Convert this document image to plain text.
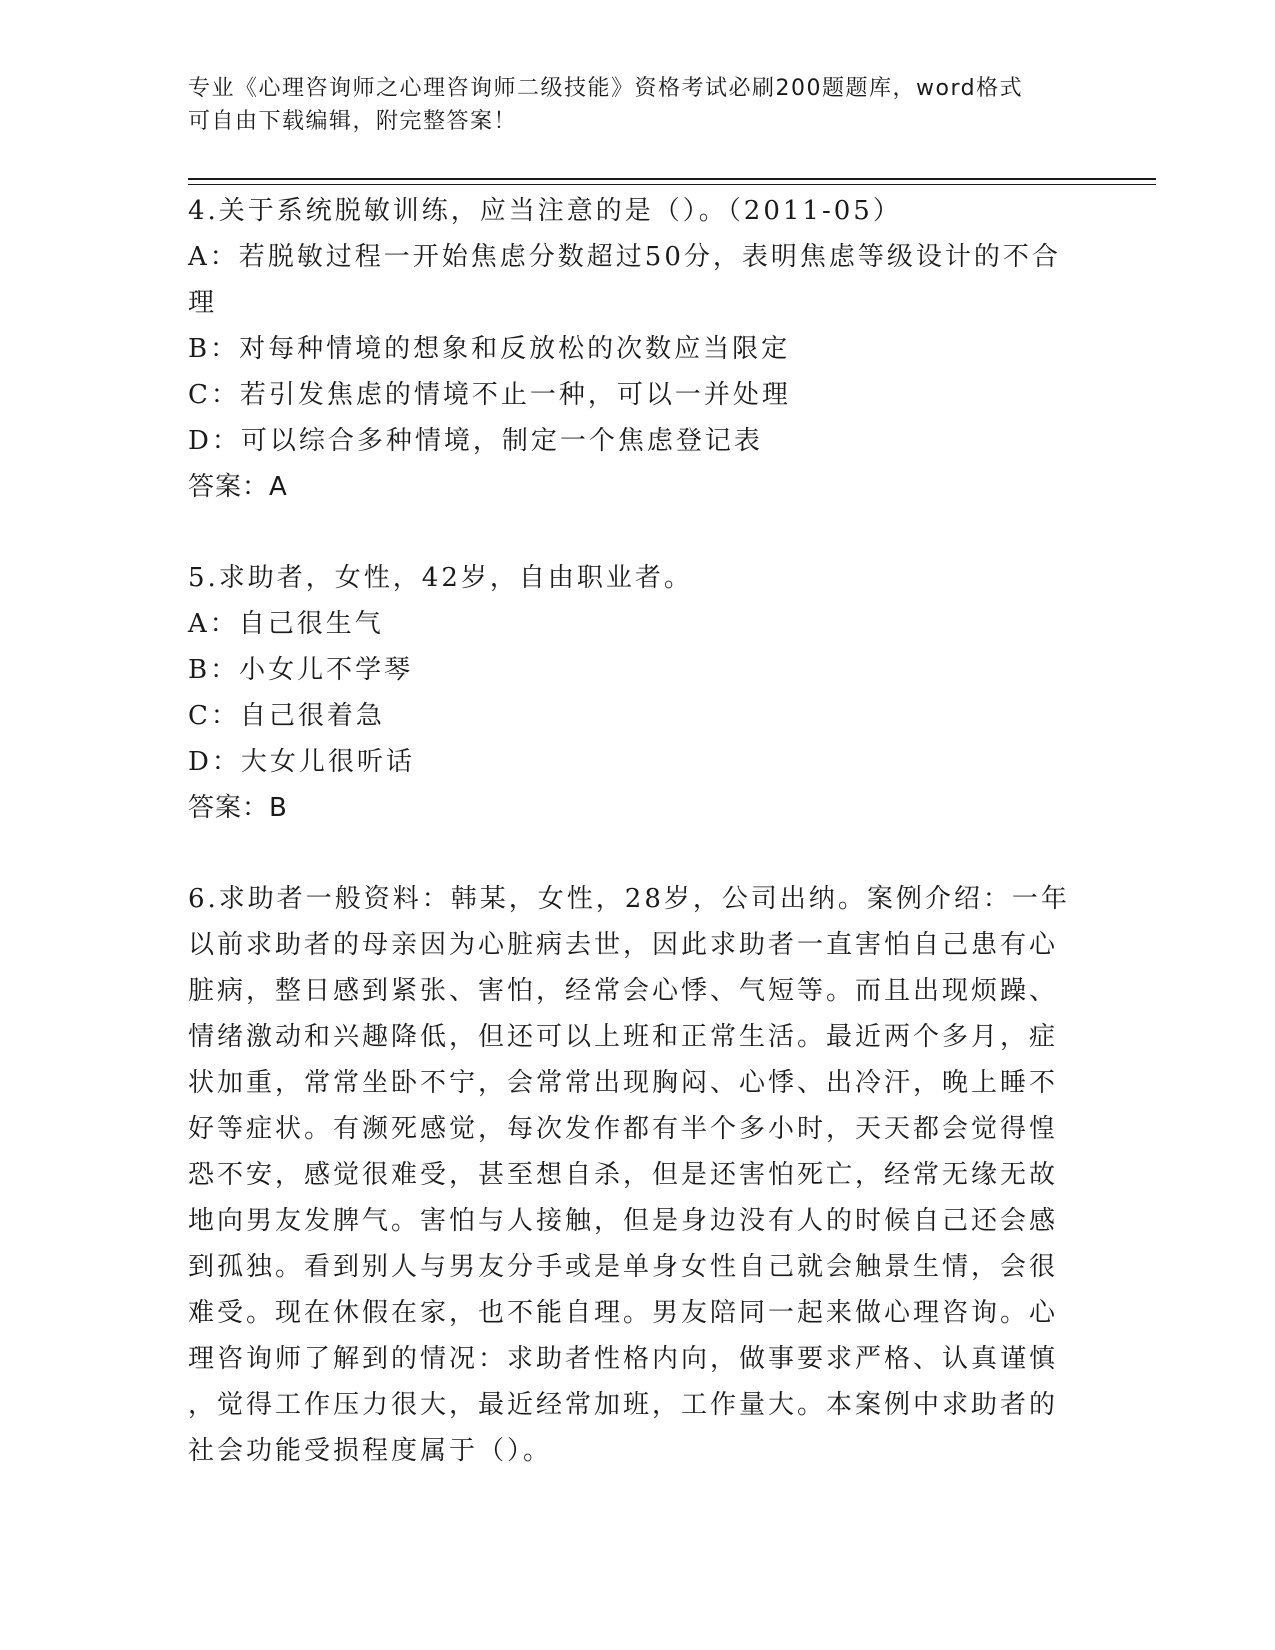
专业《心理咨询师之心理咨询师二级技能》资格考试必刷200题题库，word格式
可自由下载编辑，附完整答案！
4.关于系统脱敏训练，应当注意的是（）。（2011-05）
A：若脱敏过程一开始焦虑分数超过50分，表明焦虑等级设计的不合
理
B：对每种情境的想象和反放松的次数应当限定
C：若引发焦虑的情境不止一种，可以一并处理
D：可以综合多种情境，制定一个焦虑登记表
答案：A
5.求助者，女性，42岁，自由职业者。
A：自己很生气
B：小女儿不学琴
C：自己很着急
D：大女儿很听话
答案：B
6.求助者一般资料：韩某，女性，28岁，公司出纳。案例介绍：一年
以前求助者的母亲因为心脏病去世，因此求助者一直害怕自己患有心
脏病，整日感到紧张、害怕，经常会心悸、气短等。而且出现烦躁、
情绪激动和兴趣降低，但还可以上班和正常生活。最近两个多月，症
状加重，常常坐卧不宁，会常常出现胸闷、心悸、出冷汗，晚上睡不
好等症状。有濒死感觉，每次发作都有半个多小时，天天都会觉得惶
恐不安，感觉很难受，甚至想自杀，但是还害怕死亡，经常无缘无故
地向男友发脾气。害怕与人接触，但是身边没有人的时候自己还会感
到孤独。看到别人与男友分手或是单身女性自己就会触景生情，会很
难受。现在休假在家，也不能自理。男友陪同一起来做心理咨询。心
理咨询师了解到的情况：求助者性格内向，做事要求严格、认真谨慎
，觉得工作压力很大，最近经常加班，工作量大。本案例中求助者的
社会功能受损程度属于（）。
